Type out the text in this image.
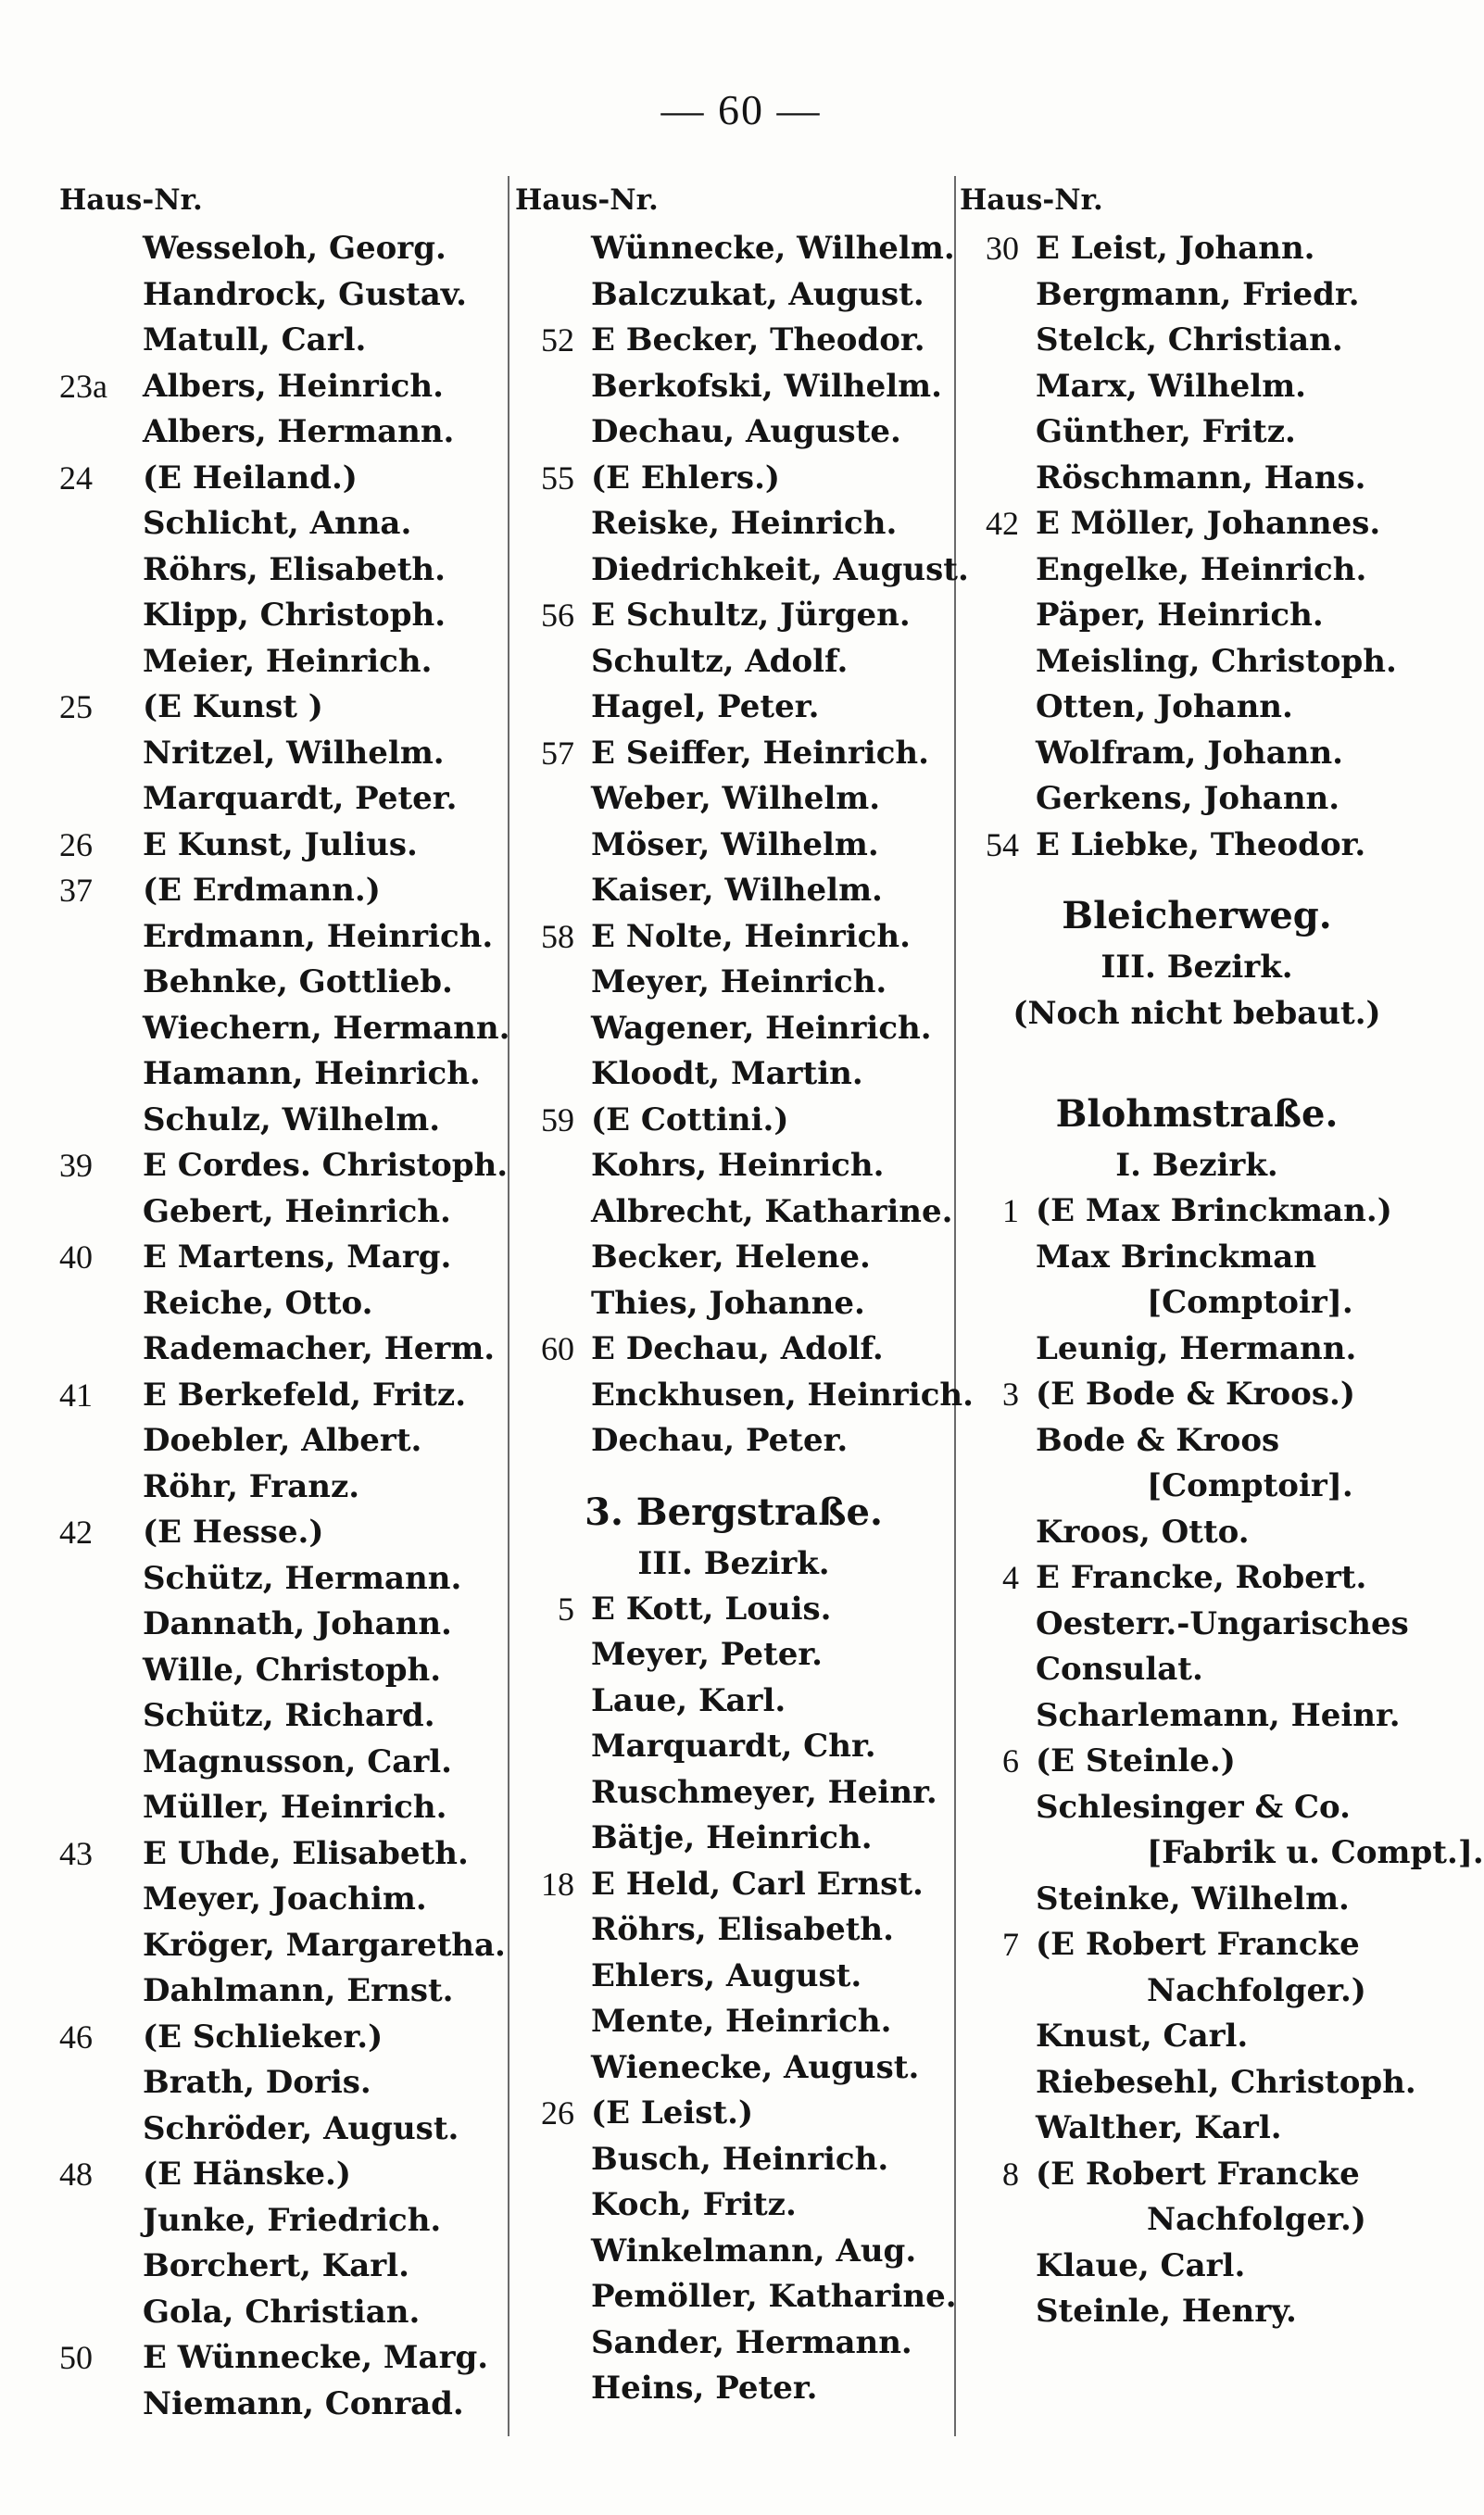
— 60 —
Haus-Nr.
Wesseloh, Georg.
Handrock, Gustav.
Matull, Carl.
23a	Albers, Heinrich.
Albers, Hermann.
24	(E Heiland.)
Schlicht, Anna.
Röhrs, Elisabeth.
Klipp, Christoph.
Meier, Heinrich.
25	(E Kunst )
Nritzel, Wilhelm.
Marquardt, Peter.
26	E Kunst, Julius.
37	(E Erdmann.)
Erdmann, Heinrich.
Behnke, Gottlieb.
Wiechern, Hermann.
Hamann, Heinrich.
Schulz, Wilhelm.
39	E Cordes. Christoph.
Gebert, Heinrich.
40	E Martens, Marg.
Reiche, Otto.
Rademacher, Herm.
41	E Berkefeld, Fritz.
Doebler, Albert.
Röhr, Franz.
42	(E Hesse.)
Schütz, Hermann.
Dannath, Johann.
Wille, Christoph.
Schütz, Richard.
Magnusson, Carl.
Müller, Heinrich.
43	E Uhde, Elisabeth.
Meyer, Joachim.
Kröger, Margaretha.
Dahlmann, Ernst.
46	(E Schlieker.)
Brath, Doris.
Schröder, August.
48	(E Hänske.)
Junke, Friedrich.
Borchert, Karl.
Gola, Christian.
50	E Wünnecke, Marg.
Niemann, Conrad.
Haus-Nr.
Wünnecke, Wilhelm.
Balczukat, August.
52 E Becker, Theodor.
Berkofski, Wilhelm.
Dechau, Auguste.
55 (E Ehlers.)
Reiske, Heinrich.
Diedrichkeit, August.
56 E Schultz, Jürgen.
Schultz, Adolf.
Hagel, Peter.
57 E Seiffer, Heinrich.
Weber, Wilhelm.
Möser, Wilhelm.
Kaiser, Wilhelm.
58 E Nolte, Heinrich.
Meyer, Heinrich.
Wagener, Heinrich.
Kloodt, Martin.
59 (E Cottini.)
Kohrs, Heinrich.
Albrecht, Katharine.
Becker, Helene.
Thies, Johanne.
60 E Dechau, Adolf.
Enckhusen, Heinrich.
Dechau, Peter.
3. Bergstraße.
III. Bezirk.
5 E Kott, Louis.
Meyer, Peter.
Laue, Karl.
Marquardt, Chr.
Ruschmeyer, Heinr.
Bätje, Heinrich.
18 E Held, Carl Ernst.
Röhrs, Elisabeth.
Ehlers, August.
Mente, Heinrich.
Wienecke, August.
26 (E Leist.)
Busch, Heinrich.
Koch, Fritz.
Winkelmann, Aug.
Pemöller, Katharine.
Sander, Hermann.
Heins, Peter.
Haus-Nr.
30 E Leist, Johann.
Bergmann, Friedr.
Stelck, Christian.
Marx, Wilhelm.
Günther, Fritz.
Röschmann, Hans.
42 E Möller, Johannes.
Engelke, Heinrich.
Päper, Heinrich.
Meisling, Christoph.
Otten, Johann.
Wolfram, Johann.
Gerkens, Johann.
54 E Liebke, Theodor.
Bleicherweg.
III. Bezirk.
(Noch nicht bebaut.)
Blohmstraße.
I. Bezirk.
1 (E Max Brinckman.)
Max Brinckman
[Comptoir].
Leunig, Hermann.
3 (E Bode & Kroos.)
Bode & Kroos
[Comptoir].
Kroos, Otto.
4 E Francke, Robert.
Oesterr.-Ungarisches
Consulat.
Scharlemann, Heinr.
6 (E Steinle.)
Schlesinger & Co.
[Fabrik u. Compt.].
Steinke, Wilhelm.
7 (E Robert Francke
Nachfolger.)
Knust, Carl.
Riebesehl, Christoph.
Walther, Karl.
8 (E Robert Francke
Nachfolger.)
Klaue, Carl.
Steinle, Henry.
